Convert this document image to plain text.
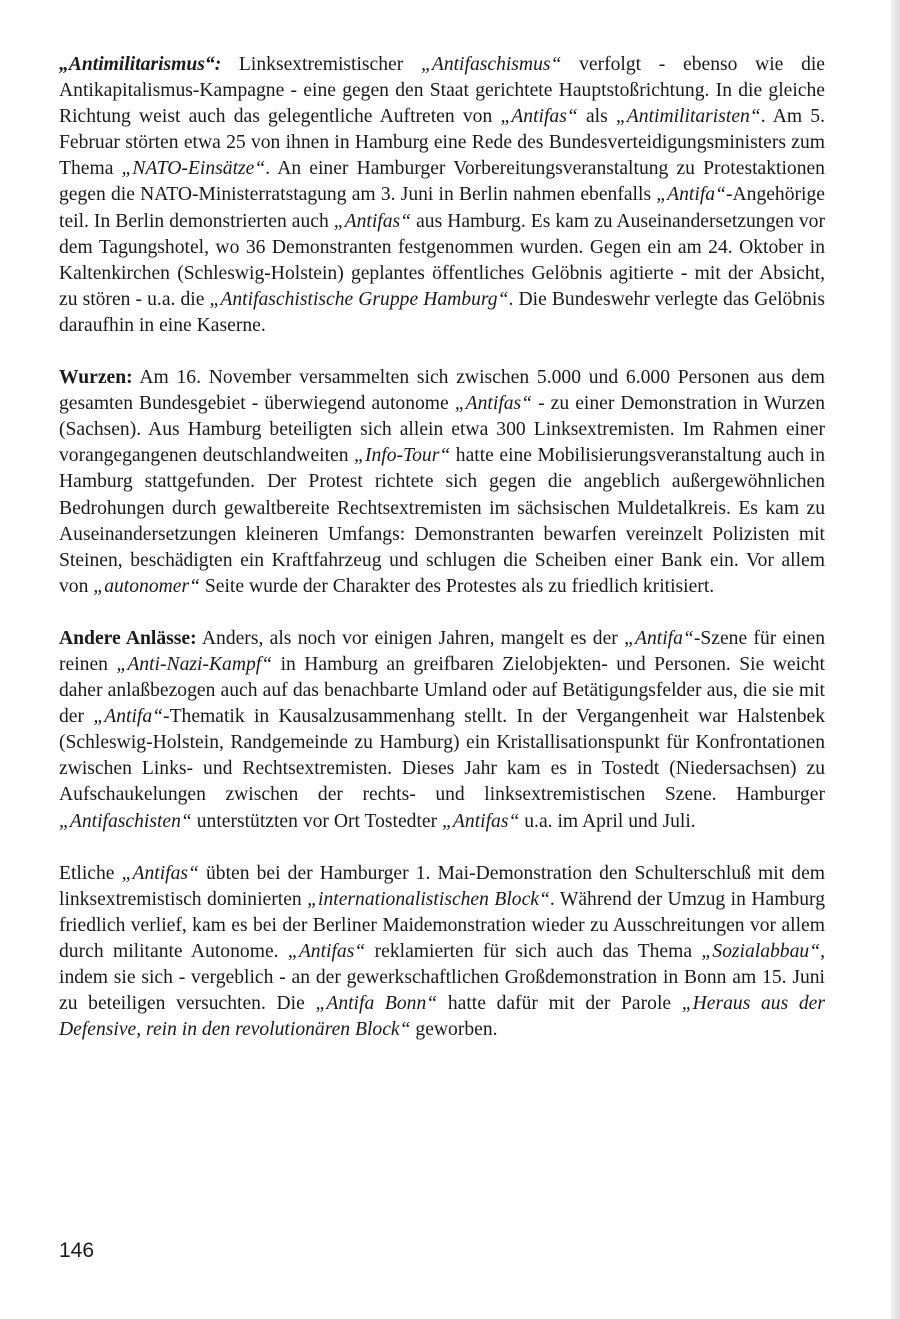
„Antimilitarismus“: Linksextremistischer „Antifaschismus“ verfolgt - ebenso wie die Antikapitalismus-Kampagne - eine gegen den Staat gerichtete Hauptstoßrichtung. In die gleiche Richtung weist auch das gelegentliche Auftreten von „Antifas“ als „Antimilitaristen“. Am 5. Februar störten etwa 25 von ihnen in Hamburg eine Rede des Bundesverteidigungsministers zum Thema „NATO-Einsätze“. An einer Hamburger Vorbereitungsveranstaltung zu Protestaktionen gegen die NATO-Ministerratstagung am 3. Juni in Berlin nahmen ebenfalls „Antifa“-Angehörige teil. In Berlin demonstrierten auch „Antifas“ aus Hamburg. Es kam zu Auseinandersetzungen vor dem Tagungshotel, wo 36 Demonstranten festgenommen wurden. Gegen ein am 24. Oktober in Kaltenkirchen (Schleswig-Holstein) geplantes öffentliches Gelöbnis agitierte - mit der Absicht, zu stören - u.a. die „Antifaschistische Gruppe Hamburg“. Die Bundeswehr verlegte das Gelöbnis daraufhin in eine Kaserne.

Wurzen: Am 16. November versammelten sich zwischen 5.000 und 6.000 Personen aus dem gesamten Bundesgebiet - überwiegend autonome „Antifas“ - zu einer Demonstration in Wurzen (Sachsen). Aus Hamburg beteiligten sich allein etwa 300 Linksextremisten. Im Rahmen einer vorangegangenen deutschlandweiten „Info-Tour“ hatte eine Mobilisierungsveranstaltung auch in Hamburg stattgefunden. Der Protest richtete sich gegen die angeblich außergewöhnlichen Bedrohungen durch gewaltbereite Rechtsextremisten im sächsischen Muldetalkreis. Es kam zu Auseinandersetzungen kleineren Umfangs: Demonstranten bewarfen vereinzelt Polizisten mit Steinen, beschädigten ein Kraftfahrzeug und schlugen die Scheiben einer Bank ein. Vor allem von „autonomer“ Seite wurde der Charakter des Protestes als zu friedlich kritisiert.

Andere Anlässe: Anders, als noch vor einigen Jahren, mangelt es der „Antifa“-Szene für einen reinen „Anti-Nazi-Kampf“ in Hamburg an greifbaren Zielobjekten- und Personen. Sie weicht daher anlaßbezogen auch auf das benachbarte Umland oder auf Betätigungsfelder aus, die sie mit der „Antifa“-Thematik in Kausalzusammenhang stellt. In der Vergangenheit war Halstenbek (Schleswig-Holstein, Randgemeinde zu Hamburg) ein Kristallisationspunkt für Konfrontationen zwischen Links- und Rechtsextremisten. Dieses Jahr kam es in Tostedt (Niedersachsen) zu Aufschaukelungen zwischen der rechts- und linksextremistischen Szene. Hamburger „Antifaschisten“ unterstützten vor Ort Tostedter „Antifas“ u.a. im April und Juli.

Etliche „Antifas“ übten bei der Hamburger 1. Mai-Demonstration den Schulterschluß mit dem linksextremistisch dominierten „internationalistischen Block“. Während der Umzug in Hamburg friedlich verlief, kam es bei der Berliner Maidemonstration wieder zu Ausschreitungen vor allem durch militante Autonome. „Antifas“ reklamierten für sich auch das Thema „Sozialabbau“, indem sie sich - vergeblich - an der gewerkschaftlichen Großdemonstration in Bonn am 15. Juni zu beteiligen versuchten. Die „Antifa Bonn“ hatte dafür mit der Parole „Heraus aus der Defensive, rein in den revolutionären Block“ geworben.

146
